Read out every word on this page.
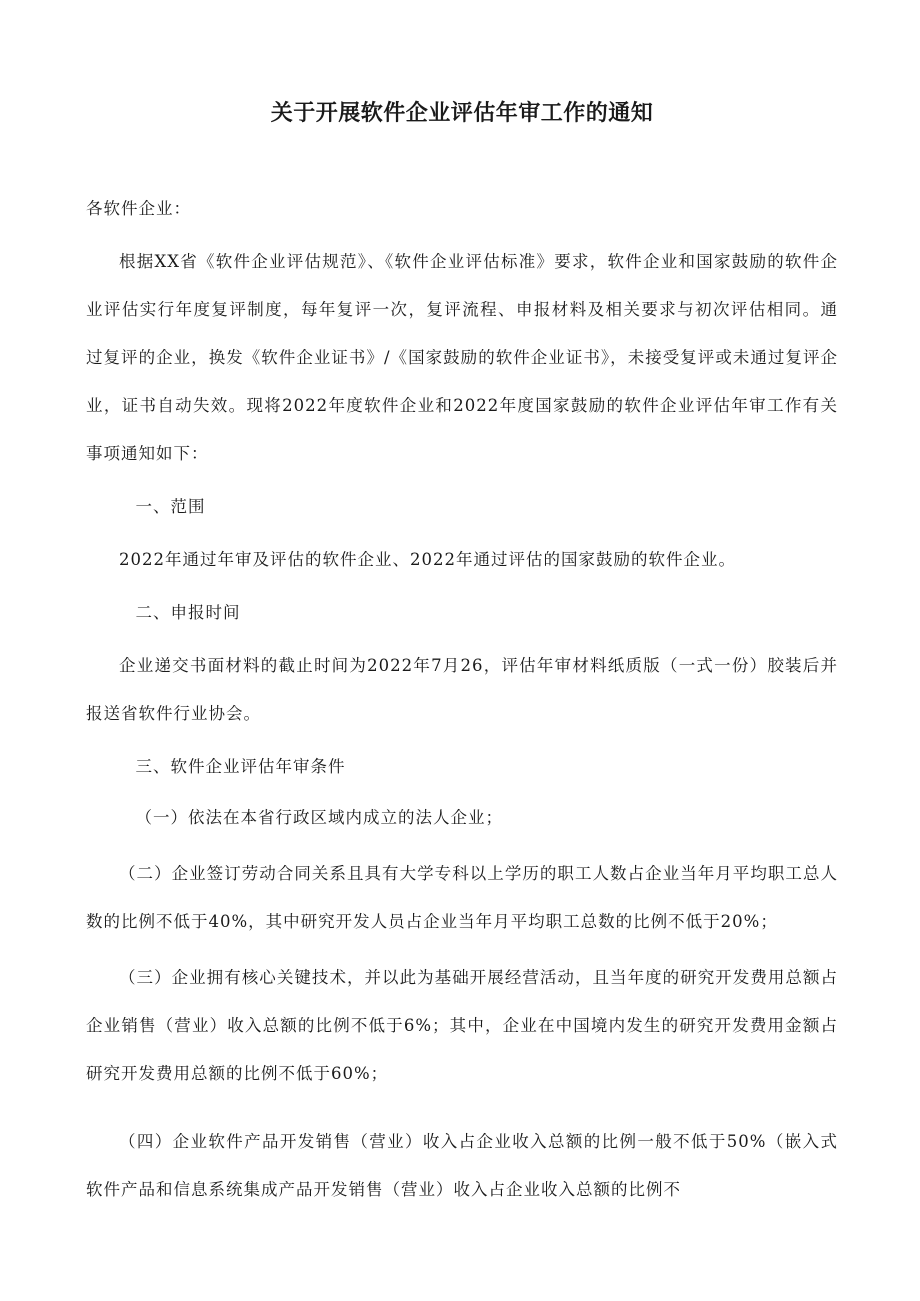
关于开展软件企业评估年审工作的通知

各软件企业：

根据XX省《软件企业评估规范》、《软件企业评估标准》要求，软件企业和国家鼓励的软件企业评估实行年度复评制度，每年复评一次，复评流程、申报材料及相关要求与初次评估相同。通过复评的企业，换发《软件企业证书》/《国家鼓励的软件企业证书》，未接受复评或未通过复评企业，证书自动失效。现将2022年度软件企业和2022年度国家鼓励的软件企业评估年审工作有关事项通知如下：

一、范围

2022年通过年审及评估的软件企业、2022年通过评估的国家鼓励的软件企业。

二、申报时间

企业递交书面材料的截止时间为2022年7月26，评估年审材料纸质版（一式一份）胶装后并报送省软件行业协会。

三、软件企业评估年审条件

（一）依法在本省行政区域内成立的法人企业；

（二）企业签订劳动合同关系且具有大学专科以上学历的职工人数占企业当年月平均职工总人数的比例不低于40%，其中研究开发人员占企业当年月平均职工总数的比例不低于20%；

（三）企业拥有核心关键技术，并以此为基础开展经营活动，且当年度的研究开发费用总额占企业销售（营业）收入总额的比例不低于6%；其中，企业在中国境内发生的研究开发费用金额占研究开发费用总额的比例不低于60%；

（四）企业软件产品开发销售（营业）收入占企业收入总额的比例一般不低于50%（嵌入式软件产品和信息系统集成产品开发销售（营业）收入占企业收入总额的比例不
